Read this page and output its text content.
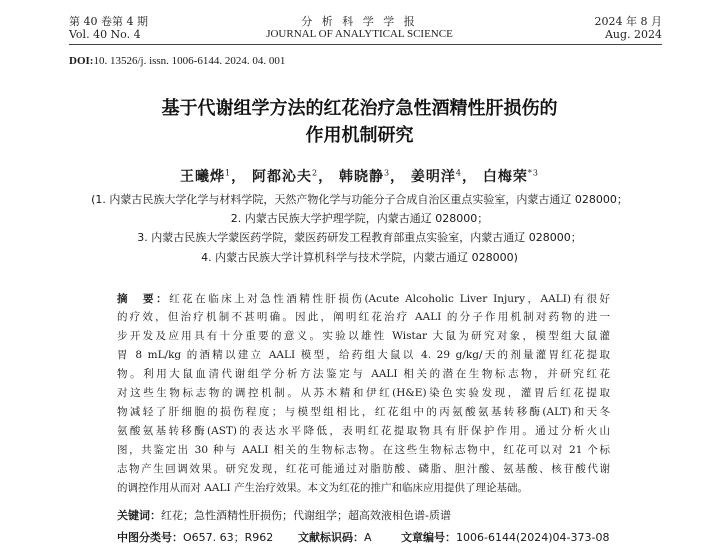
第 40 卷第 4 期
Vol. 40 No. 4
分 析 科 学 学 报
JOURNAL OF ANALYTICAL SCIENCE
2024 年 8 月
Aug. 2024
DOI:10. 13526/j. issn. 1006-6144. 2024. 04. 001
基于代谢组学方法的红花治疗急性酒精性肝损伤的
作用机制研究
王曦烨$^1$， 阿都沁夫$^2$， 韩晓静$^3$， 姜明洋$^4$， 白梅荣$^{*3}$
(1. 内蒙古民族大学化学与材料学院，天然产物化学与功能分子合成自治区重点实验室，内蒙古通辽 028000；
2. 内蒙古民族大学护理学院，内蒙古通辽 028000；
3. 内蒙古民族大学蒙医药学院，蒙医药研发工程教育部重点实验室，内蒙古通辽 028000；
4. 内蒙古民族大学计算机科学与技术学院，内蒙古通辽 028000)
摘　要：红花在临床上对急性酒精性肝损伤(Acute Alcoholic Liver Injury，AALI)有很好
的疗效，但治疗机制不甚明确。因此，阐明红花治疗 AALI 的分子作用机制对药物的进一
步开发及应用具有十分重要的意义。实验以雄性 Wistar 大鼠为研究对象，模型组大鼠灌
胃 8 mL/kg 的酒精以建立 AALI 模型，给药组大鼠以 4. 29 g/kg/天的剂量灌胃红花提取
物。利用大鼠血清代谢组学分析方法鉴定与 AALI 相关的潜在生物标志物，并研究红花
对这些生物标志物的调控机制。从苏木精和伊红(H&E)染色实验发现，灌胃后红花提取
物减轻了肝细胞的损伤程度；与模型组相比，红花组中的丙氨酸氨基转移酶(ALT)和天冬
氨酸氨基转移酶(AST)的表达水平降低，表明红花提取物具有肝保护作用。通过分析火山
图，共鉴定出 30 种与 AALI 相关的生物标志物。在这些生物标志物中，红花可以对 21 个标
志物产生回调效果。研究发现，红花可能通过对脂肪酸、磷脂、胆汁酸、氨基酸、核苷酸代谢
的调控作用从而对 AALI 产生治疗效果。本文为红花的推广和临床应用提供了理论基础。
关键词：红花；急性酒精性肝损伤；代谢组学；超高效液相色谱-质谱
中图分类号：O657. 63；R962 文献标识码：A	文章编号：1006-6144(2024)04-373-08
